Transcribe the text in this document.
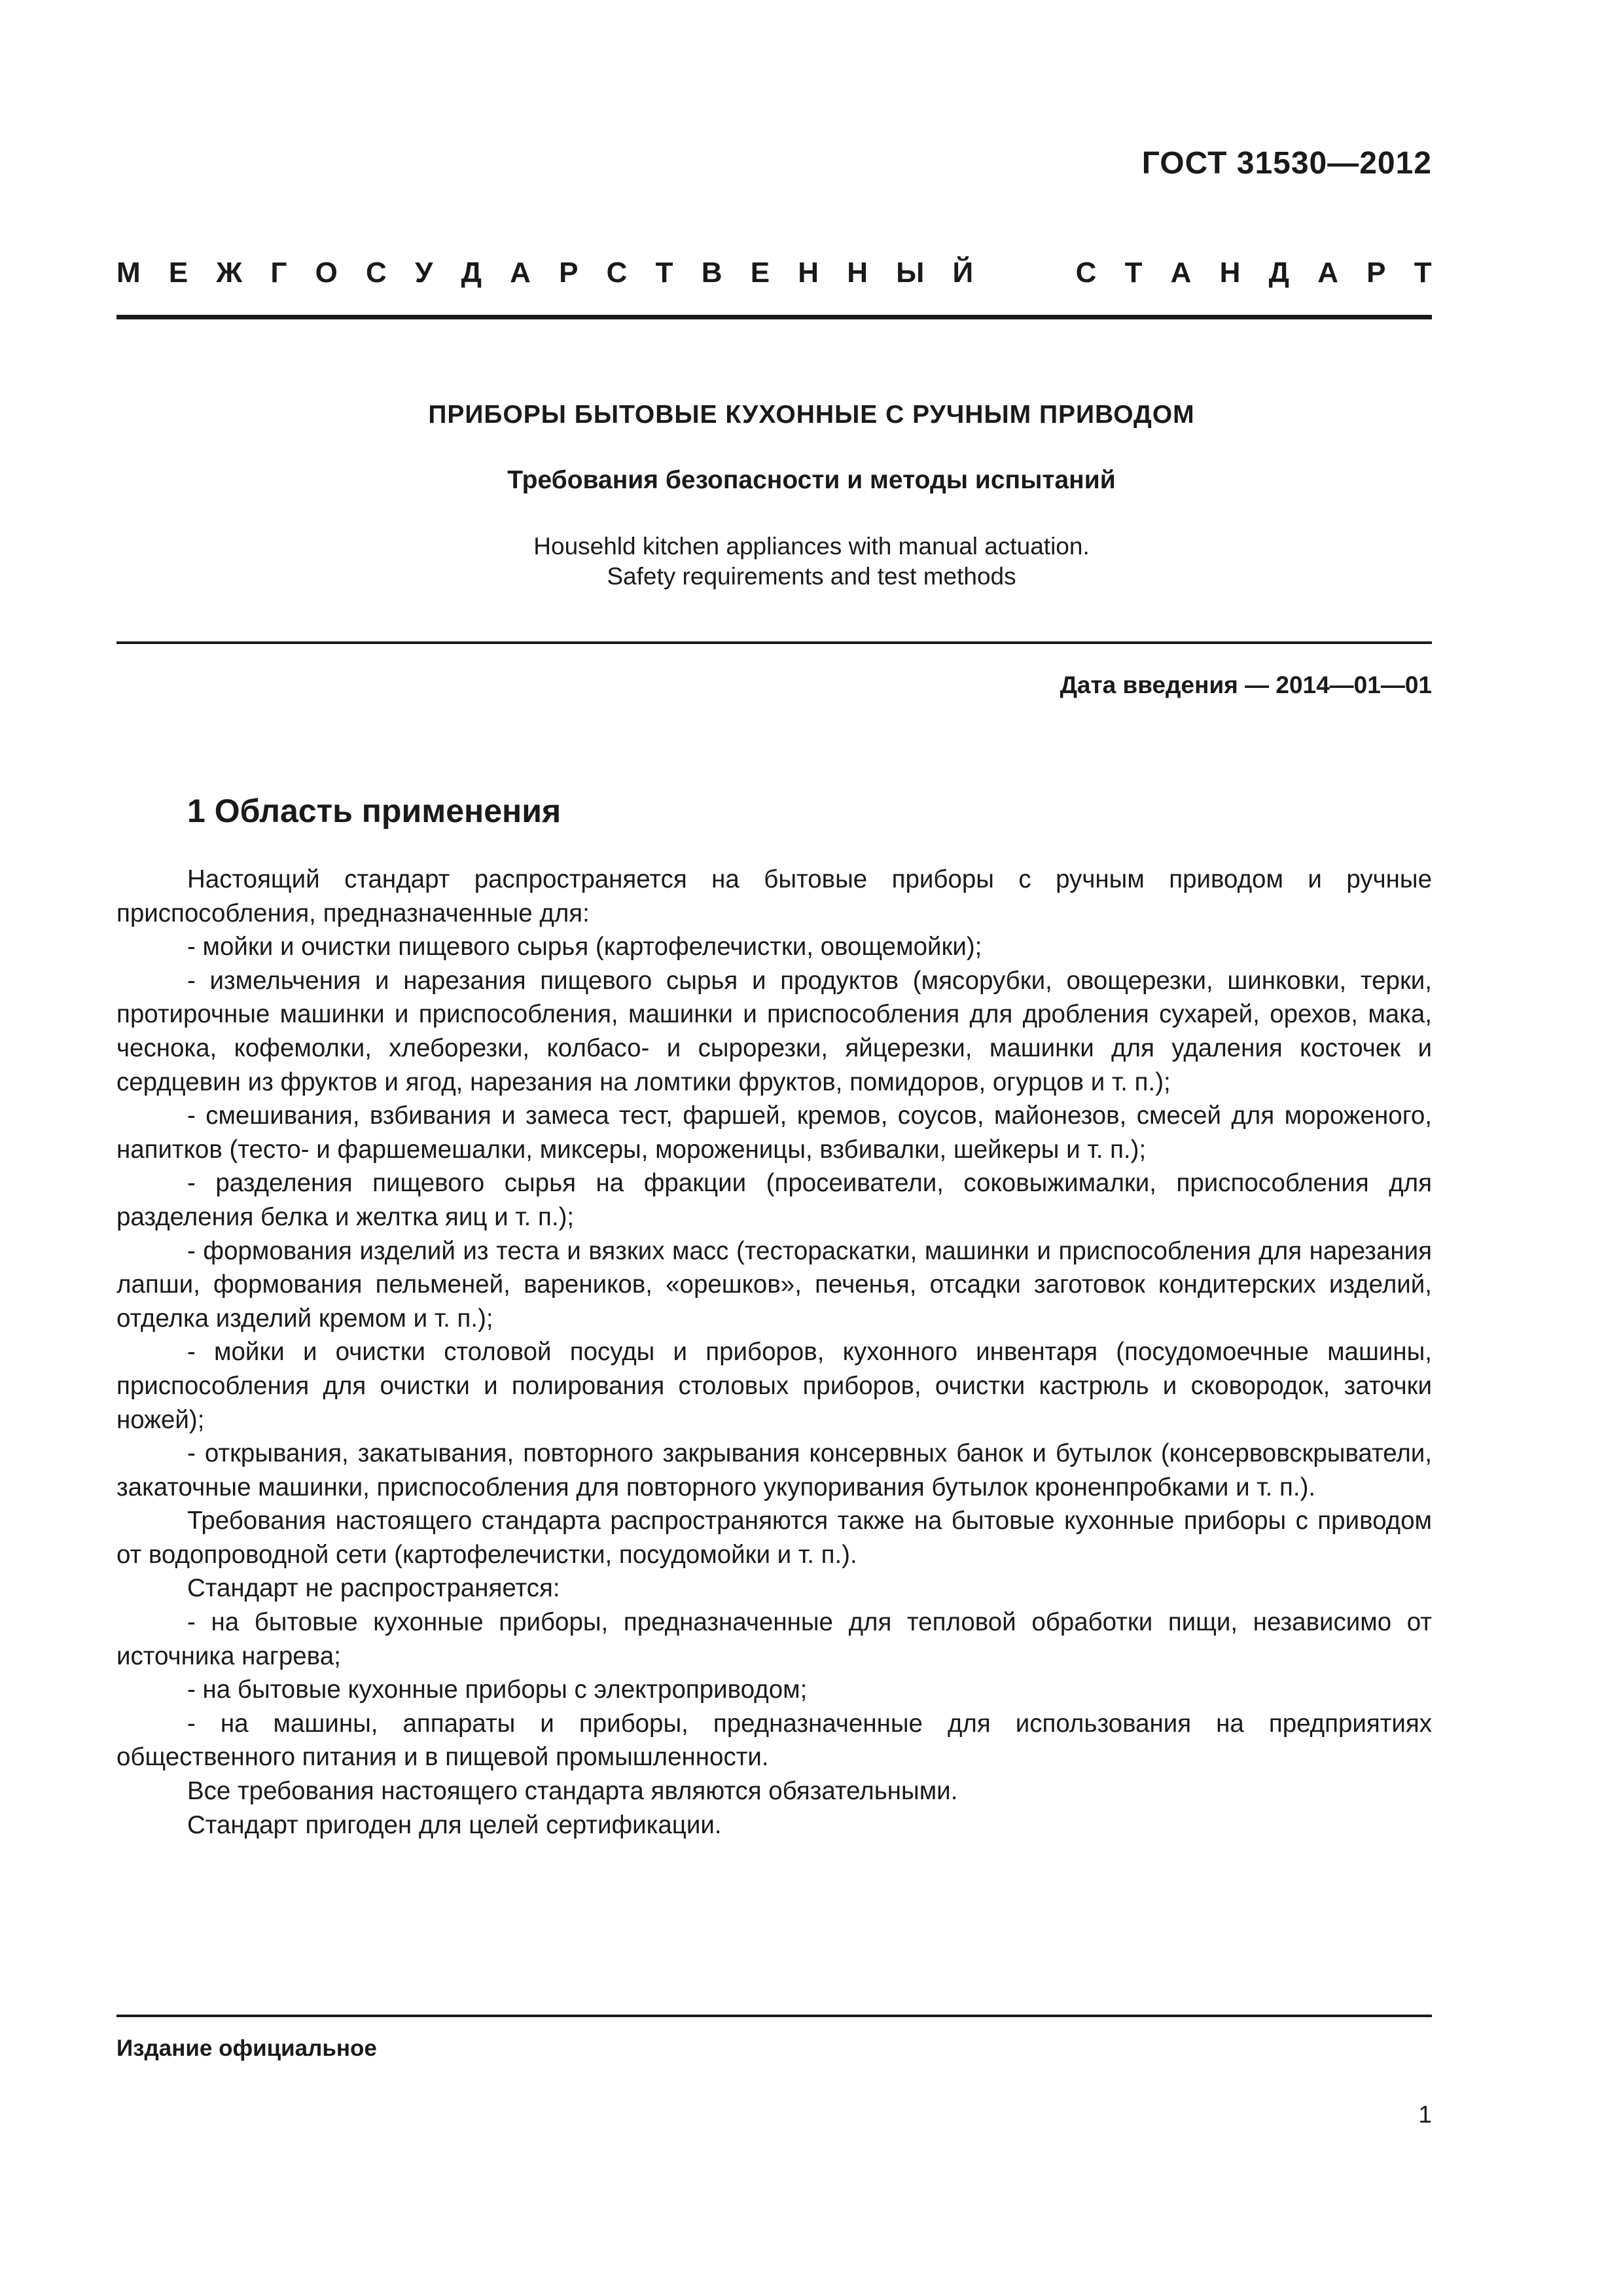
ГОСТ 31530—2012
М Е Ж Г О С У Д А Р С Т В Е Н Н Ы Й	С Т А Н Д А Р Т
ПРИБОРЫ БЫТОВЫЕ КУХОННЫЕ С РУЧНЫМ ПРИВОДОМ
Требования безопасности и методы испытаний
Househld kitchen appliances with manual actuation.
Safety requirements and test methods
Дата введения — 2014—01—01
1 Область применения
Настоящий стандарт распространяется на бытовые приборы с ручным приводом и ручные приспособления, предназначенные для:
- мойки и очистки пищевого сырья (картофелечистки, овощемойки);
- измельчения и нарезания пищевого сырья и продуктов (мясорубки, овощерезки, шинковки, терки, протирочные машинки и приспособления, машинки и приспособления для дробления сухарей, орехов, мака, чеснока, кофемолки, хлеборезки, колбасо- и сырорезки, яйцерезки, машинки для удаления косточек и сердцевин из фруктов и ягод, нарезания на ломтики фруктов, помидоров, огурцов и т. п.);
- смешивания, взбивания и замеса тест, фаршей, кремов, соусов, майонезов, смесей для мороженого, напитков (тесто- и фаршемешалки, миксеры, мороженицы, взбивалки, шейкеры и т. п.);
- разделения пищевого сырья на фракции (просеиватели, соковыжималки, приспособления для разделения белка и желтка яиц и т. п.);
- формования изделий из теста и вязких масс (тестораскатки, машинки и приспособления для нарезания лапши, формования пельменей, вареников, «орешков», печенья, отсадки заготовок кондитерских изделий, отделка изделий кремом и т. п.);
- мойки и очистки столовой посуды и приборов, кухонного инвентаря (посудомоечные машины, приспособления для очистки и полирования столовых приборов, очистки кастрюль и сковородок, заточки ножей);
- открывания, закатывания, повторного закрывания консервных банок и бутылок (консервовскрыватели, закаточные машинки, приспособления для повторного укупоривания бутылок кроненпробками и т. п.).
Требования настоящего стандарта распространяются также на бытовые кухонные приборы с приводом от водопроводной сети (картофелечистки, посудомойки и т. п.).
Стандарт не распространяется:
- на бытовые кухонные приборы, предназначенные для тепловой обработки пищи, независимо от источника нагрева;
- на бытовые кухонные приборы с электроприводом;
- на машины, аппараты и приборы, предназначенные для использования на предприятиях общественного питания и в пищевой промышленности.
Все требования настоящего стандарта являются обязательными.
Стандарт пригоден для целей сертификации.
Издание официальное
1
